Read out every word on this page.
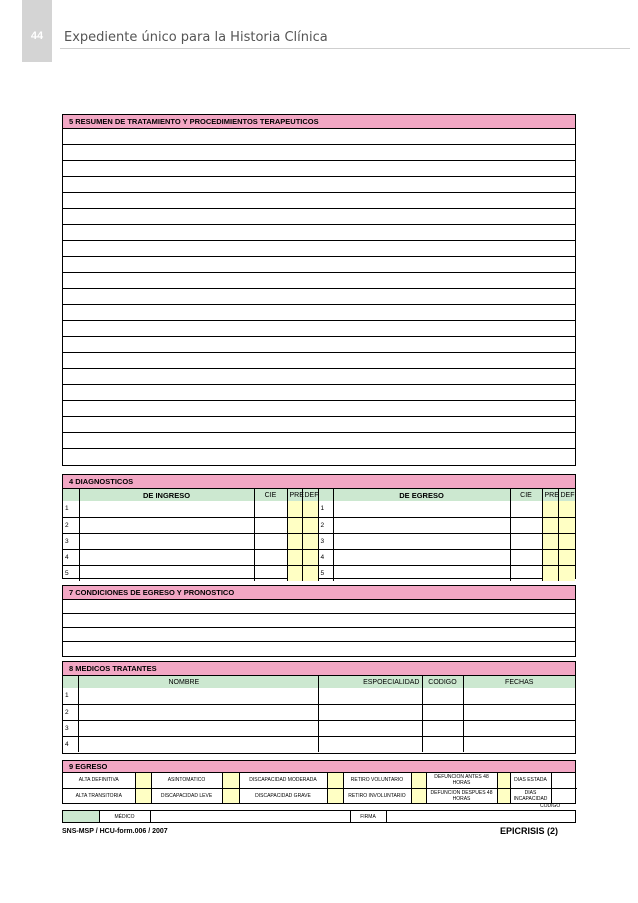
44	Expediente único para la Historia Clínica
5 RESUMEN DE TRATAMIENTO Y PROCEDIMIENTOS TERAPEUTICOS
4 DIAGNOSTICOS
	DE INGRESO	CIE	PRE	DEF		DE EGRESO	CIE	PRE	DEF
1					1				
2					2				
3					3				
4					4				
5					5				
7 CONDICIONES DE EGRESO Y PRONOSTICO
8 MEDICOS TRATANTES
	NOMBRE	ESPOECIALIDAD	CODIGO	FECHAS
1				
2				
3				
4				
9 EGRESO
ALTA DEFINITIVA		ASINTOMATICO		DISCAPACIDAD MODERADA		RETIRO VOLUNTARIO		DEFUNCION ANTES 48 HORAS		DIAS ESTADA	
ALTA TRANSITORIA		DISCAPACIDAD LEVE		DISCAPACIDAD GRAVE		RETIRO INVOLUNTARIO		DEFUNCION DESPUES 48 HORAS		DIAS INCAPACIDAD	
CODIGO
	MÉDICO		FIRMA	
SNS-MSP / HCU-form.006 / 2007	EPICRISIS (2)
